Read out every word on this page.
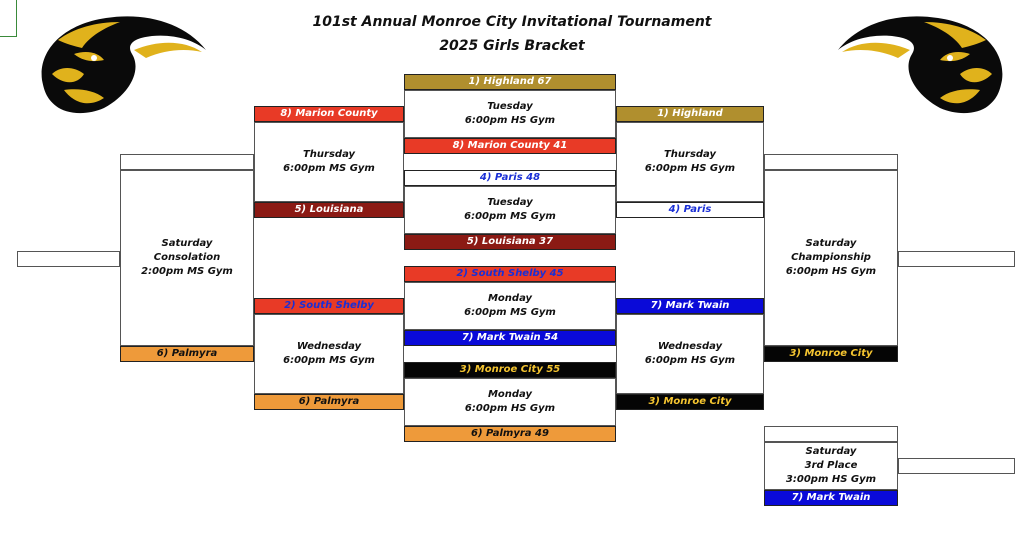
101st Annual Monroe City Invitational Tournament
2025 Girls Bracket
1) Highland 67
Tuesday
6:00pm HS Gym
8) Marion County 41
4) Paris 48
Tuesday
6:00pm MS Gym
5) Louisiana 37
2) South Shelby 45
Monday
6:00pm MS Gym
7) Mark Twain 54
3) Monroe City 55
Monday
6:00pm HS Gym
6) Palmyra 49
8) Marion County
Thursday
6:00pm MS Gym
5) Louisiana
2) South Shelby
Wednesday
6:00pm MS Gym
6) Palmyra
Saturday
Consolation
2:00pm MS Gym
6) Palmyra
1) Highland
Thursday
6:00pm HS Gym
4) Paris
7) Mark Twain
Wednesday
6:00pm HS Gym
3) Monroe City
Saturday
Championship
6:00pm HS Gym
3) Monroe City
Saturday
3rd Place
3:00pm HS Gym
7) Mark Twain
